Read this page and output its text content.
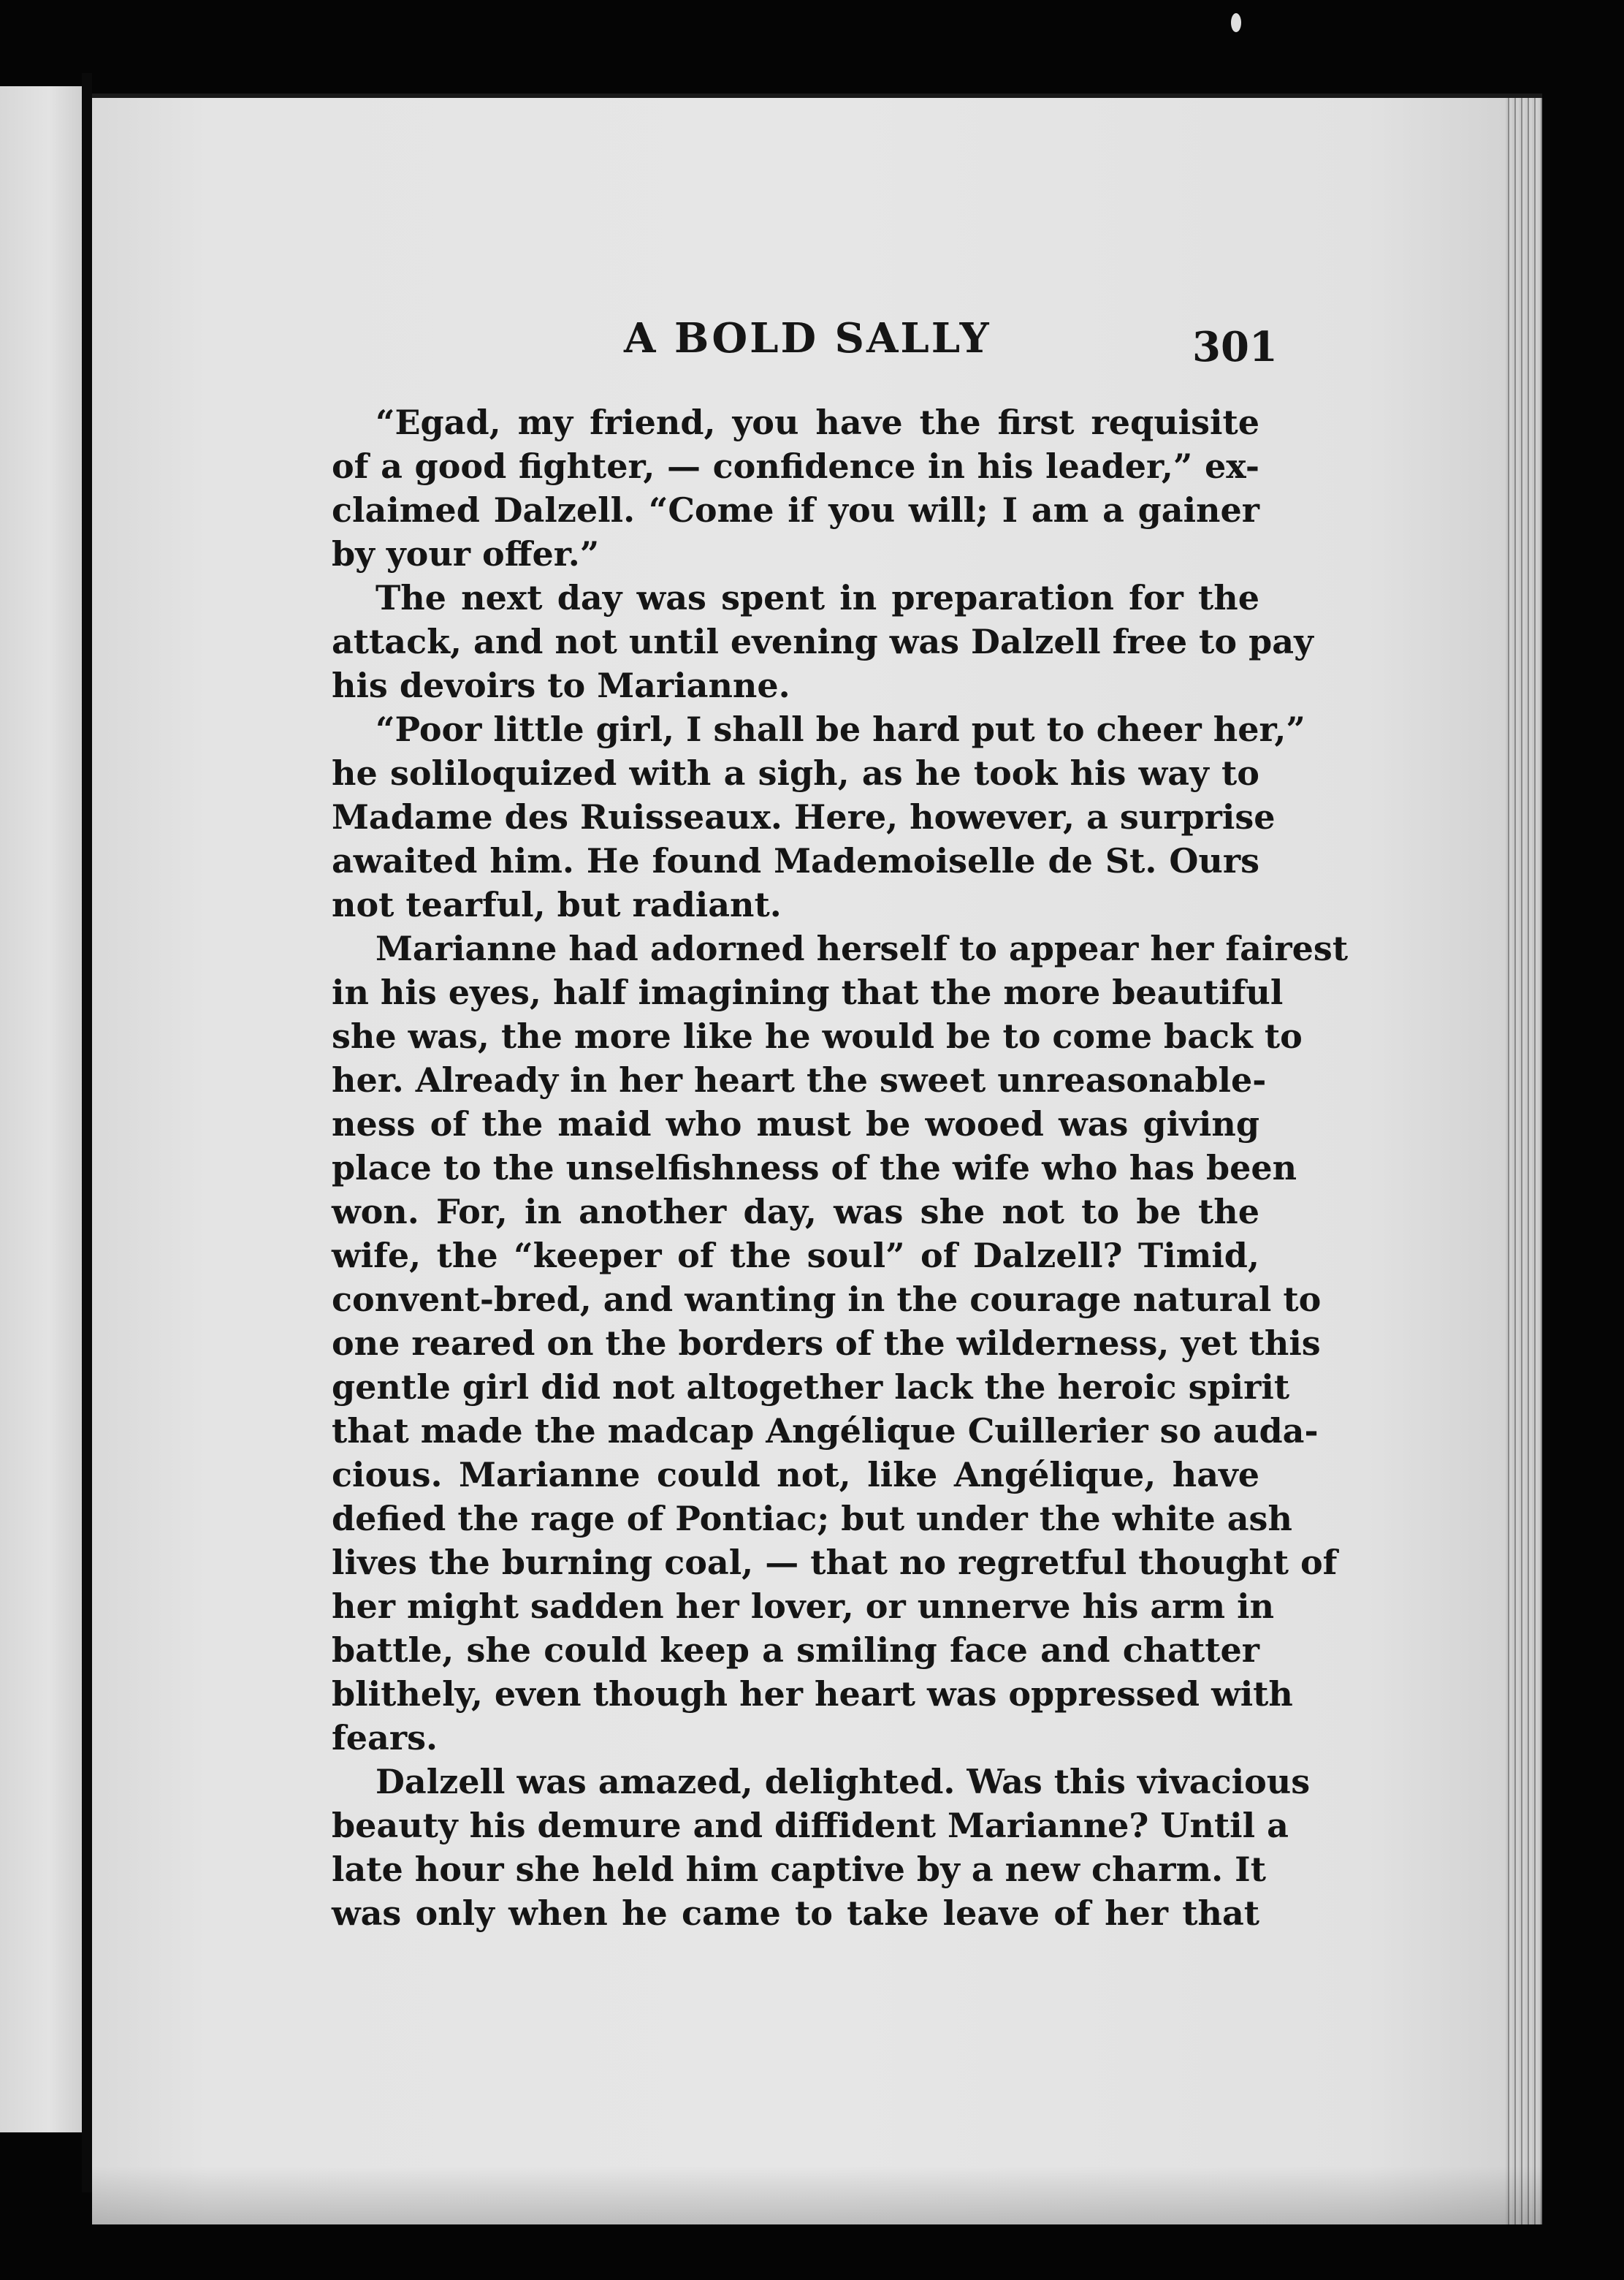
A BOLD SALLY	301
“Egad, my friend, you have the first requisite
of a good fighter, — confidence in his leader,” ex-
claimed Dalzell. “Come if you will; I am a gainer
by your offer.”
The next day was spent in preparation for the
attack, and not until evening was Dalzell free to pay
his devoirs to Marianne.
“Poor little girl, I shall be hard put to cheer her,”
he soliloquized with a sigh, as he took his way to
Madame des Ruisseaux. Here, however, a surprise
awaited him. He found Mademoiselle de St. Ours
not tearful, but radiant.
Marianne had adorned herself to appear her fairest
in his eyes, half imagining that the more beautiful
she was, the more like he would be to come back to
her. Already in her heart the sweet unreasonable-
ness of the maid who must be wooed was giving
place to the unselfishness of the wife who has been
won. For, in another day, was she not to be the
wife, the “keeper of the soul” of Dalzell? Timid,
convent-bred, and wanting in the courage natural to
one reared on the borders of the wilderness, yet this
gentle girl did not altogether lack the heroic spirit
that made the madcap Angélique Cuillerier so auda-
cious. Marianne could not, like Angélique, have
defied the rage of Pontiac; but under the white ash
lives the burning coal, — that no regretful thought of
her might sadden her lover, or unnerve his arm in
battle, she could keep a smiling face and chatter
blithely, even though her heart was oppressed with
fears.
Dalzell was amazed, delighted. Was this vivacious
beauty his demure and diffident Marianne? Until a
late hour she held him captive by a new charm. It
was only when he came to take leave of her that
